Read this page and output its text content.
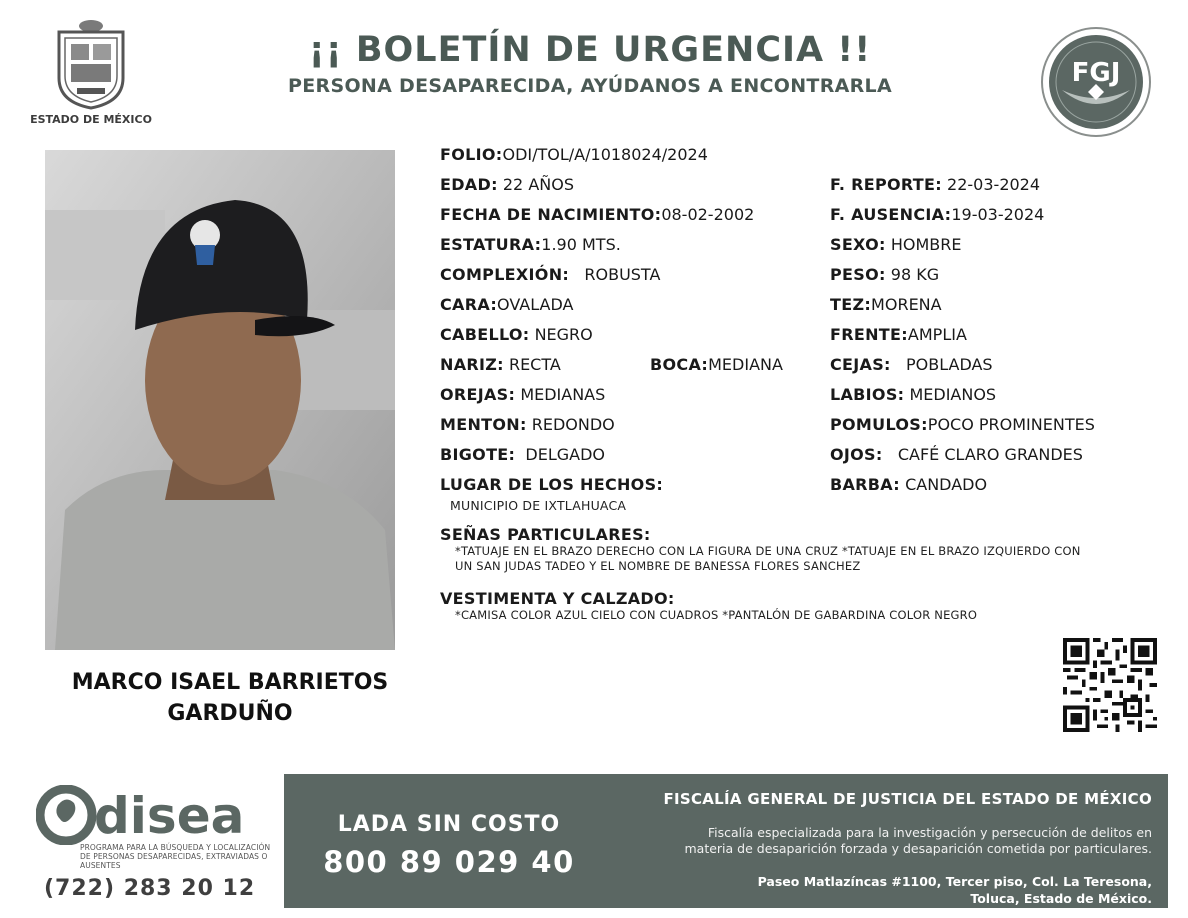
ESTADO DE MÉXICO
¡¡ BOLETÍN DE URGENCIA !!
PERSONA DESAPARECIDA, AYÚDANOS A ENCONTRARLA	FGJ
MARCO ISAEL BARRIETOS
GARDUÑO
FOLIO:ODI/TOL/A/1018024/2024
EDAD: 22 AÑOS	F. REPORTE: 22-03-2024
FECHA DE NACIMIENTO:08-02-2002	F. AUSENCIA:19-03-2024
ESTATURA:1.90 MTS.	SEXO: HOMBRE
COMPLEXIÓN: ROBUSTA	PESO: 98 KG
CARA:OVALADA	TEZ:MORENA
CABELLO: NEGRO	FRENTE:AMPLIA
NARIZ: RECTA	BOCA:MEDIANA	CEJAS: POBLADAS
OREJAS: MEDIANAS	LABIOS: MEDIANOS
MENTON: REDONDO	POMULOS:POCO PROMINENTES
BIGOTE: DELGADO	OJOS: CAFÉ CLARO GRANDES
LUGAR DE LOS HECHOS:
MUNICIPIO DE IXTLAHUACA
BARBA: CANDADO
SEÑAS PARTICULARES:
*TATUAJE EN EL BRAZO DERECHO CON LA FIGURA DE UNA CRUZ *TATUAJE EN EL BRAZO IZQUIERDO CON
UN SAN JUDAS TADEO Y EL NOMBRE DE BANESSA FLORES SANCHEZ
VESTIMENTA Y CALZADO:
*CAMISA COLOR AZUL CIELO CON CUADROS *PANTALÓN DE GABARDINA COLOR NEGRO
disea
PROGRAMA PARA LA BÚSQUEDA Y LOCALIZACIÓN
DE PERSONAS DESAPARECIDAS, EXTRAVIADAS O
AUSENTES
(722) 283 20 12
LADA SIN COSTO
800 89 029 40
FISCALÍA GENERAL DE JUSTICIA DEL ESTADO DE MÉXICO
Fiscalía especializada para la investigación y persecución de delitos en
materia de desaparición forzada y desaparición cometida por particulares.
Paseo Matlazíncas #1100, Tercer piso, Col. La Teresona,
Toluca, Estado de México.
